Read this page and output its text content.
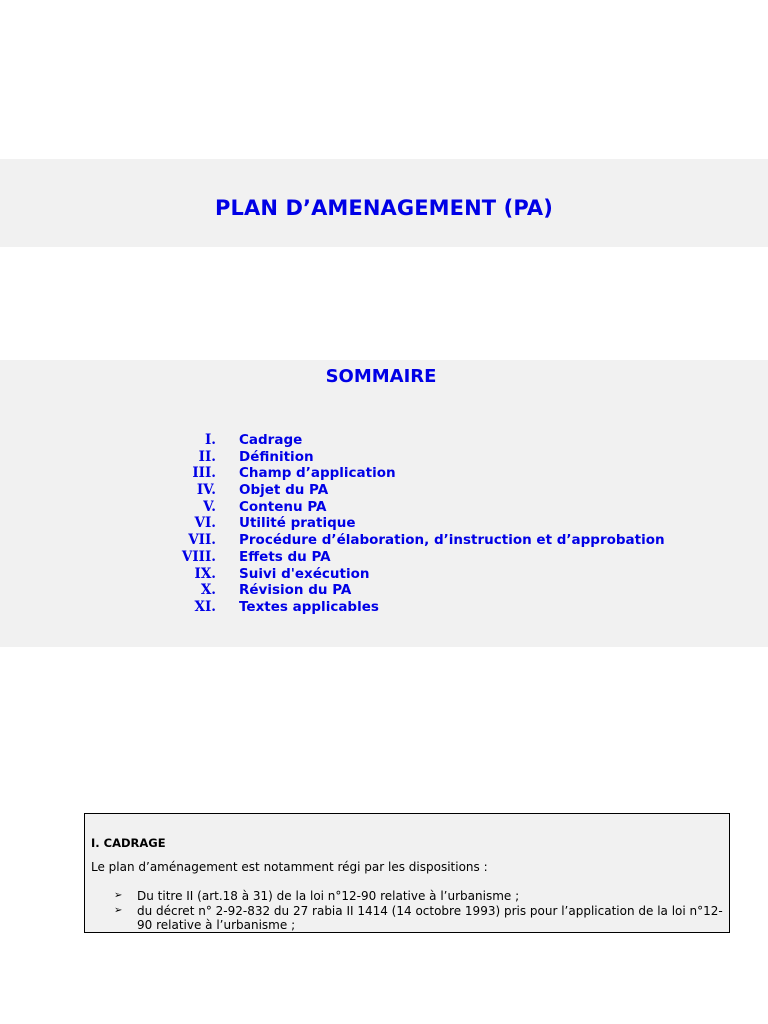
PLAN D’AMENAGEMENT (PA)
SOMMAIRE
I. Cadrage
II. Définition
III. Champ d’application
IV. Objet du PA
V. Contenu PA
VI. Utilité pratique
VII. Procédure d’élaboration, d’instruction et d’approbation
VIII. Effets du PA
IX. Suivi d'exécution
X. Révision du PA
XI. Textes applicables

I. CADRAGE

Le plan d’aménagement est notamment régi par les dispositions :

➢ Du titre II (art.18 à 31) de la loi n°12-90 relative à l’urbanisme ;
➢ du décret n° 2-92-832 du 27 rabia II 1414 (14 octobre 1993) pris pour l’application de la loi n°12-90 relative à l’urbanisme ;
